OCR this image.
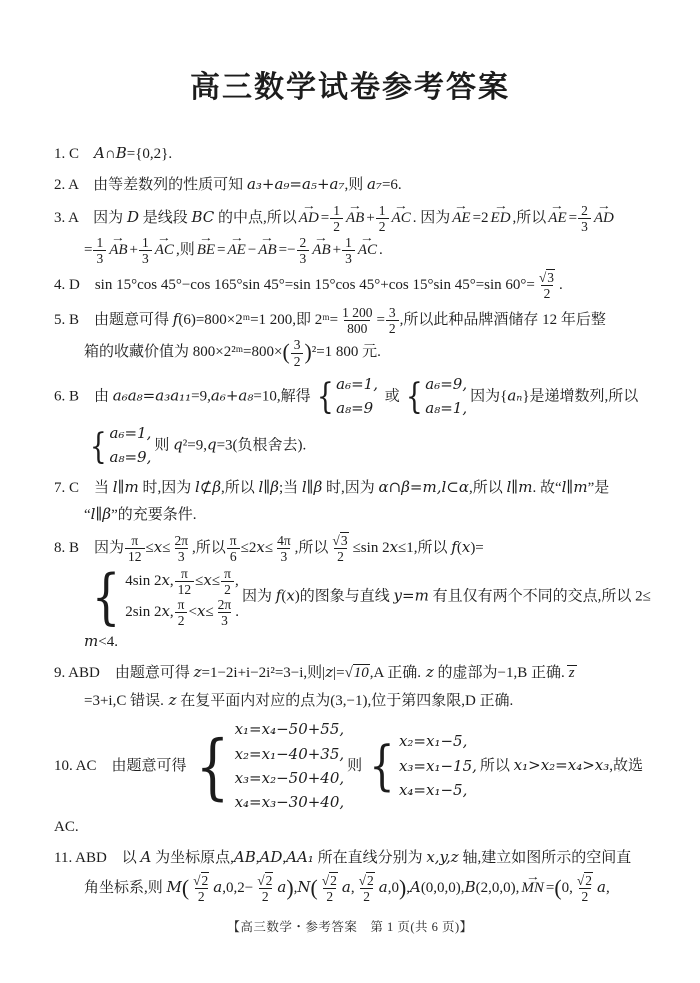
高三数学试卷参考答案
1. C　A∩B={0,2}.
2. A　由等差数列的性质可知 a₃+a₉=a₅+a₇,则 a₇=6.
3. A　因为 D 是线段 BC 的中点,所以 → AD = $\frac{1}{2}$ → AB + $\frac{1}{2}$ → AC . 因为 → AE =2 → ED ,所以 → AE = $\frac{2}{3}$ → AD
= $\frac{1}{3}$ → AB + $\frac{1}{3}$ → AC ,则 → BE = → AE − → AB =− $\frac{2}{3}$ → AB + $\frac{1}{3}$ → AC .
4. D　sin 15°cos 45°−cos 165°sin 45°=sin 15°cos 45°+cos 15°sin 45°=sin $60^\circ= \frac{√3}{2}$ .
5. B　由题意可得 f(6)=800×2ᵐ=1 200,即 2ᵐ= $\frac{1 200}{800} = \frac{3}{2}$ ,所以此种品牌酒储存 12 年后整
箱的收藏价值为 800×2²ᵐ=800×( $\frac{3}{2} )^2=1$ 800 元.
6. B　由 a₆a₈=a₃a₁₁=9,a₆+a₈=10,解得 { a₆=1,
a₈=9
或 { a₆=9,
a₈=1,
因为{aₙ}是递增数列,所以
{ a₆=1,
a₈=9,
则 q²=9,q=3(负根舍去).
7. C　当 l∥m 时,因为 l⊄β,所以 l∥β;当 l∥β 时,因为 α∩β=m,l⊂α,所以 l∥m. 故“l∥m”是
“l∥β”的充要条件.
8. B　因为 $\frac{\pi}{12} \le x\le \frac{2\pi}{3}$ ,所以 $\frac{\pi}{6} \le 2x\le \frac{4\pi}{3}$ ,所以 $\frac{√3}{2} \le\sin$ 2x≤1,所以 f(x)=
{ 4sin 2x, $\frac{\pi}{12} \le x\le \frac{\pi}{2}$ ,
2sin 2x, $\frac{\pi}{2} <x\le \frac{2\pi}{3}$ .
因为 f(x)的图象与直线 y=m 有且仅有两个不同的交点,所以 2≤
m<4.
9. ABD　由题意可得 z=1−2i+i−2i²=3−i,则|z|=√10,A 正确. z 的虚部为−1,B 正确. z
=3+i,C 错误. z 在复平面内对应的点为(3,−1),位于第四象限,D 正确.
10. AC　由题意可得 { x₁=x₄−50+55,
x₂=x₁−40+35,
x₃=x₂−50+40,
x₄=x₃−30+40,
则 { x₂=x₁−5,
x₃=x₁−15,
x₄=x₁−5,
所以 x₁>x₂=x₄>x₃,故选 AC.
11. ABD　以 A 为坐标原点,AB,AD,AA₁ 所在直线分别为 x,y,z 轴,建立如图所示的空间直
角坐标系,则 $M( \frac{√2}{2} a,0,2- \frac{√2}{2} a),N( \frac{√2}{2} a$, $\frac{√2}{2} a,0),A(0,0,0),B(2,0,0)$, → MN =(0, $\frac{√2}{2} a$,
【高三数学・参考答案　第 1 页(共 6 页)】
